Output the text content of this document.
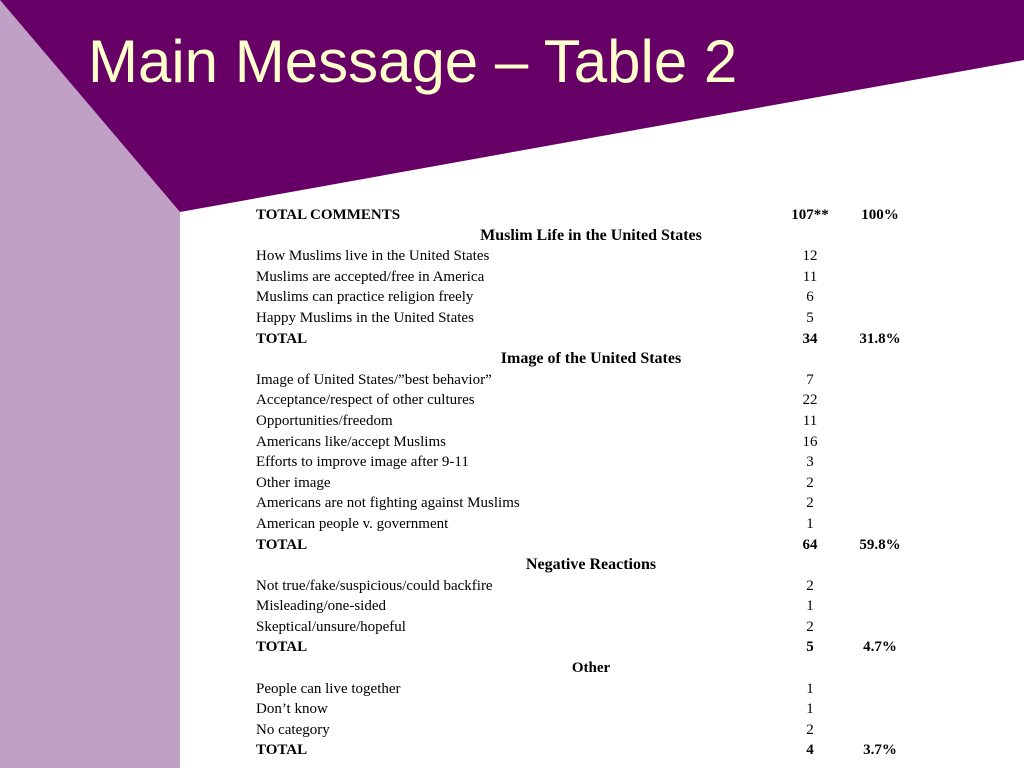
Main Message – Table 2
TOTAL COMMENTS	107**	100%
Muslim Life in the United States		
How Muslims live in the United States	12	
Muslims are accepted/free in America	11	
Muslims can practice religion freely	6	
Happy Muslims in the United States	5	
TOTAL	34	31.8%
Image of the United States		
Image of United States/”best behavior”	7	
Acceptance/respect of other cultures	22	
Opportunities/freedom	11	
Americans like/accept Muslims	16	
Efforts to improve image after 9-11	3	
Other image	2	
Americans are not fighting against Muslims	2	
American people v. government	1	
TOTAL	64	59.8%
Negative Reactions		
Not true/fake/suspicious/could backfire	2	
Misleading/one-sided	1	
Skeptical/unsure/hopeful	2	
TOTAL	5	4.7%
Other		
People can live together	1	
Don’t know	1	
No category	2	
TOTAL	4	3.7%
